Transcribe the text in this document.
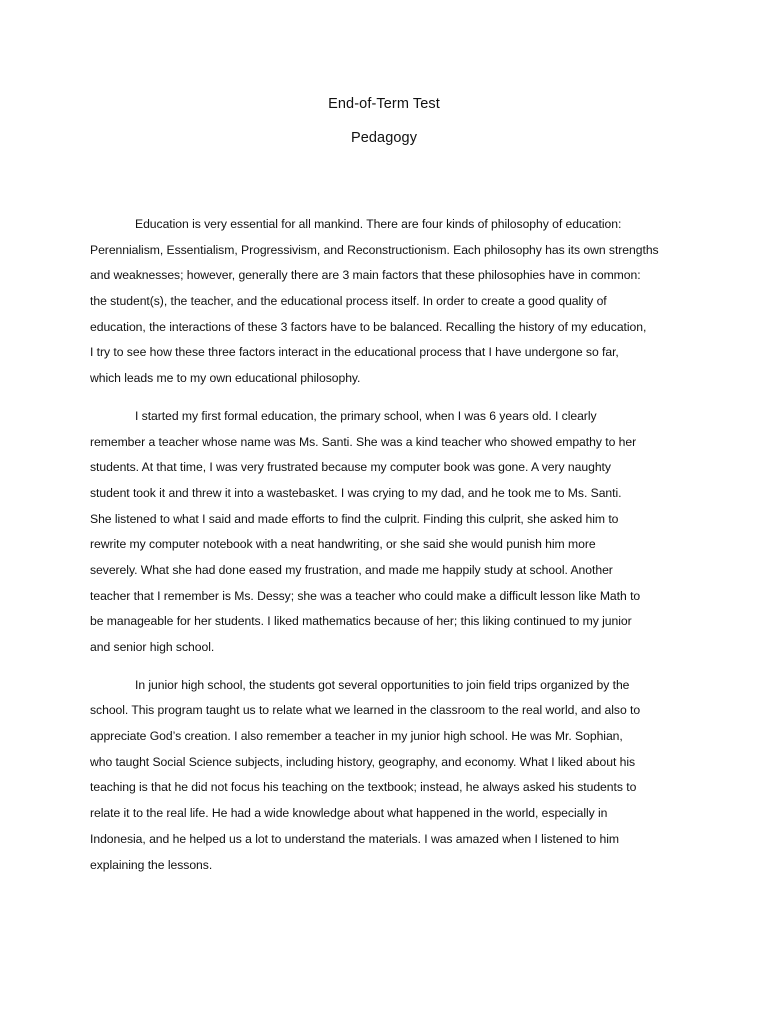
End-of-Term Test
Pedagogy
Education is very essential for all mankind. There are four kinds of philosophy of education:
Perennialism, Essentialism, Progressivism, and Reconstructionism. Each philosophy has its own strengths
and weaknesses; however, generally there are 3 main factors that these philosophies have in common:
the student(s), the teacher, and the educational process itself. In order to create a good quality of
education, the interactions of these 3 factors have to be balanced. Recalling the history of my education,
I try to see how these three factors interact in the educational process that I have undergone so far,
which leads me to my own educational philosophy.
I started my first formal education, the primary school, when I was 6 years old. I clearly
remember a teacher whose name was Ms. Santi. She was a kind teacher who showed empathy to her
students. At that time, I was very frustrated because my computer book was gone. A very naughty
student took it and threw it into a wastebasket. I was crying to my dad, and he took me to Ms. Santi.
She listened to what I said and made efforts to find the culprit. Finding this culprit, she asked him to
rewrite my computer notebook with a neat handwriting, or she said she would punish him more
severely. What she had done eased my frustration, and made me happily study at school. Another
teacher that I remember is Ms. Dessy; she was a teacher who could make a difficult lesson like Math to
be manageable for her students. I liked mathematics because of her; this liking continued to my junior
and senior high school.
In junior high school, the students got several opportunities to join field trips organized by the
school. This program taught us to relate what we learned in the classroom to the real world, and also to
appreciate God’s creation. I also remember a teacher in my junior high school. He was Mr. Sophian,
who taught Social Science subjects, including history, geography, and economy. What I liked about his
teaching is that he did not focus his teaching on the textbook; instead, he always asked his students to
relate it to the real life. He had a wide knowledge about what happened in the world, especially in
Indonesia, and he helped us a lot to understand the materials. I was amazed when I listened to him
explaining the lessons.
